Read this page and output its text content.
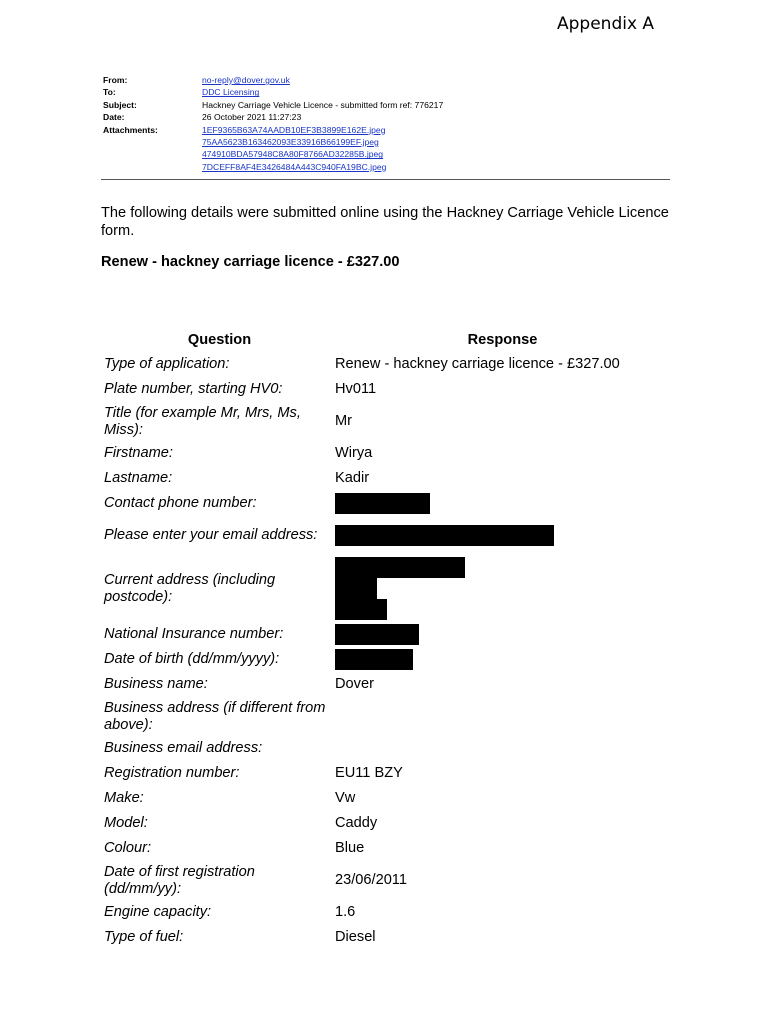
Appendix A
From:	no-reply@dover.gov.uk
To:	DDC Licensing
Subject:	Hackney Carriage Vehicle Licence - submitted form ref: 776217
Date:	26 October 2021 11:27:23
Attachments:	1EF9365B63A74AADB10EF3B3899E162E.jpeg
75AA5623B163462093E33916B66199EF.jpeg
474910BDA57948C8A80F8766AD32285B.jpeg
7DCEFF8AF4E3426484A443C940FA19BC.jpeg
The following details were submitted online using the Hackney Carriage Vehicle Licence form.
Renew - hackney carriage licence - £327.00
Question	Response
Type of application:	Renew - hackney carriage licence - £327.00
Plate number, starting HV0:	Hv011
Title (for example Mr, Mrs, Ms, Miss):	Mr
Firstname:	Wirya
Lastname:	Kadir
Contact phone number:	

Please enter your email address:	

Current address (including postcode):	

National Insurance number:	

Date of birth (dd/mm/yyyy):	

Business name:	Dover
Business address (if different from above):	
Business email address:	
Registration number:	EU11 BZY
Make:	Vw
Model:	Caddy
Colour:	Blue
Date of first registration (dd/mm/yy):	23/06/2011
Engine capacity:	1.6
Type of fuel:	Diesel
